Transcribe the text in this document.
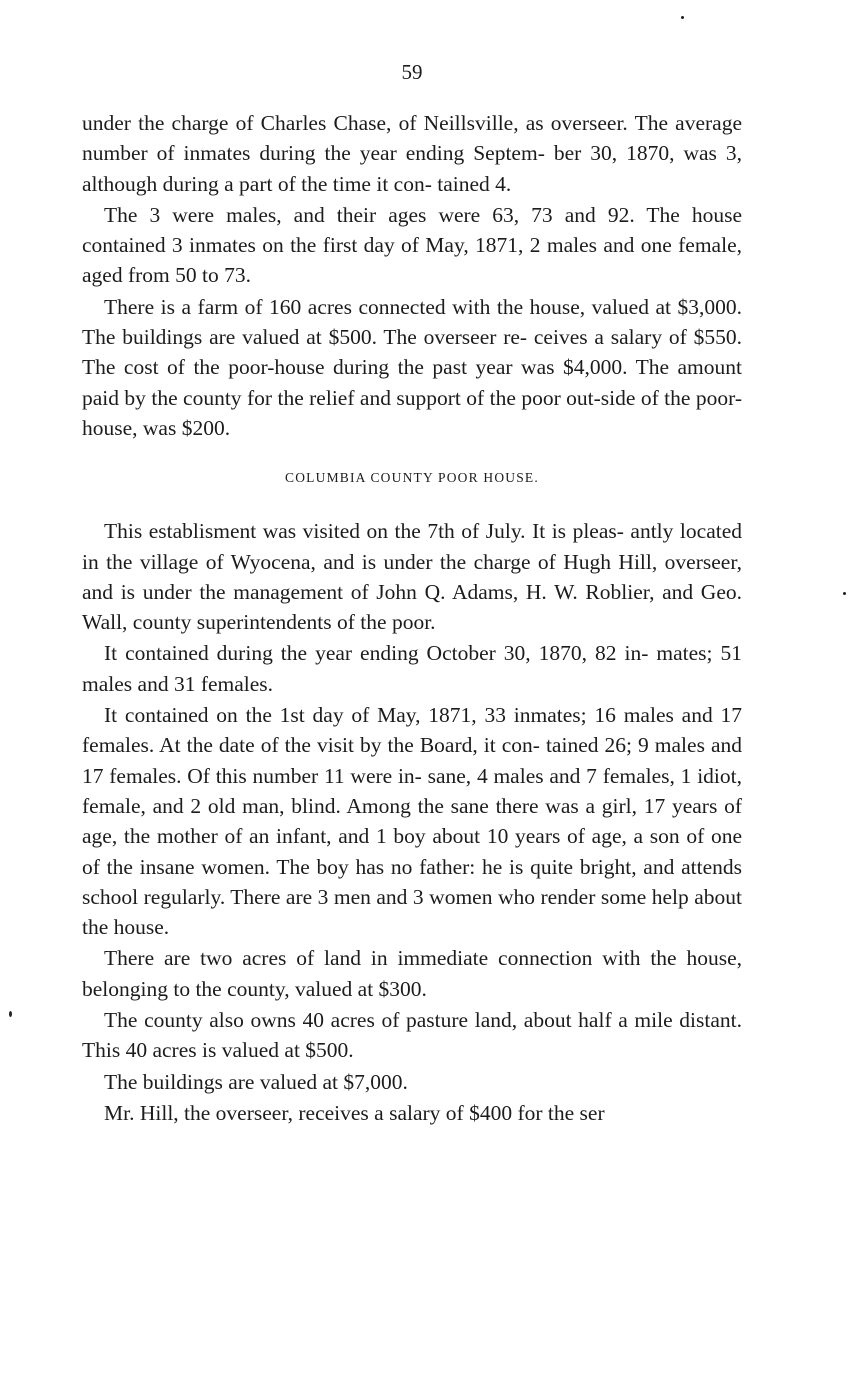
59

under the charge of Charles Chase, of Neillsville, as overseer. The average number of inmates during the year ending Septem- ber 30, 1870, was 3, although during a part of the time it con- tained 4.

The 3 were males, and their ages were 63, 73 and 92. The house contained 3 inmates on the first day of May, 1871, 2 males and one female, aged from 50 to 73.

There is a farm of 160 acres connected with the house, valued at $3,000. The buildings are valued at $500. The overseer re- ceives a salary of $550. The cost of the poor-house during the past year was $4,000. The amount paid by the county for the relief and support of the poor out-side of the poor-house, was $200.

COLUMBIA COUNTY POOR HOUSE.

This establisment was visited on the 7th of July. It is pleas- antly located in the village of Wyocena, and is under the charge of Hugh Hill, overseer, and is under the management of John Q. Adams, H. W. Roblier, and Geo. Wall, county superintendents of the poor.

It contained during the year ending October 30, 1870, 82 in- mates; 51 males and 31 females.

It contained on the 1st day of May, 1871, 33 inmates; 16 males and 17 females. At the date of the visit by the Board, it con- tained 26; 9 males and 17 females. Of this number 11 were in- sane, 4 males and 7 females, 1 idiot, female, and 2 old man, blind. Among the sane there was a girl, 17 years of age, the mother of an infant, and 1 boy about 10 years of age, a son of one of the insane women. The boy has no father: he is quite bright, and attends school regularly. There are 3 men and 3 women who render some help about the house.

There are two acres of land in immediate connection with the house, belonging to the county, valued at $300.

The county also owns 40 acres of pasture land, about half a mile distant. This 40 acres is valued at $500.

The buildings are valued at $7,000.

Mr. Hill, the overseer, receives a salary of $400 for the ser
